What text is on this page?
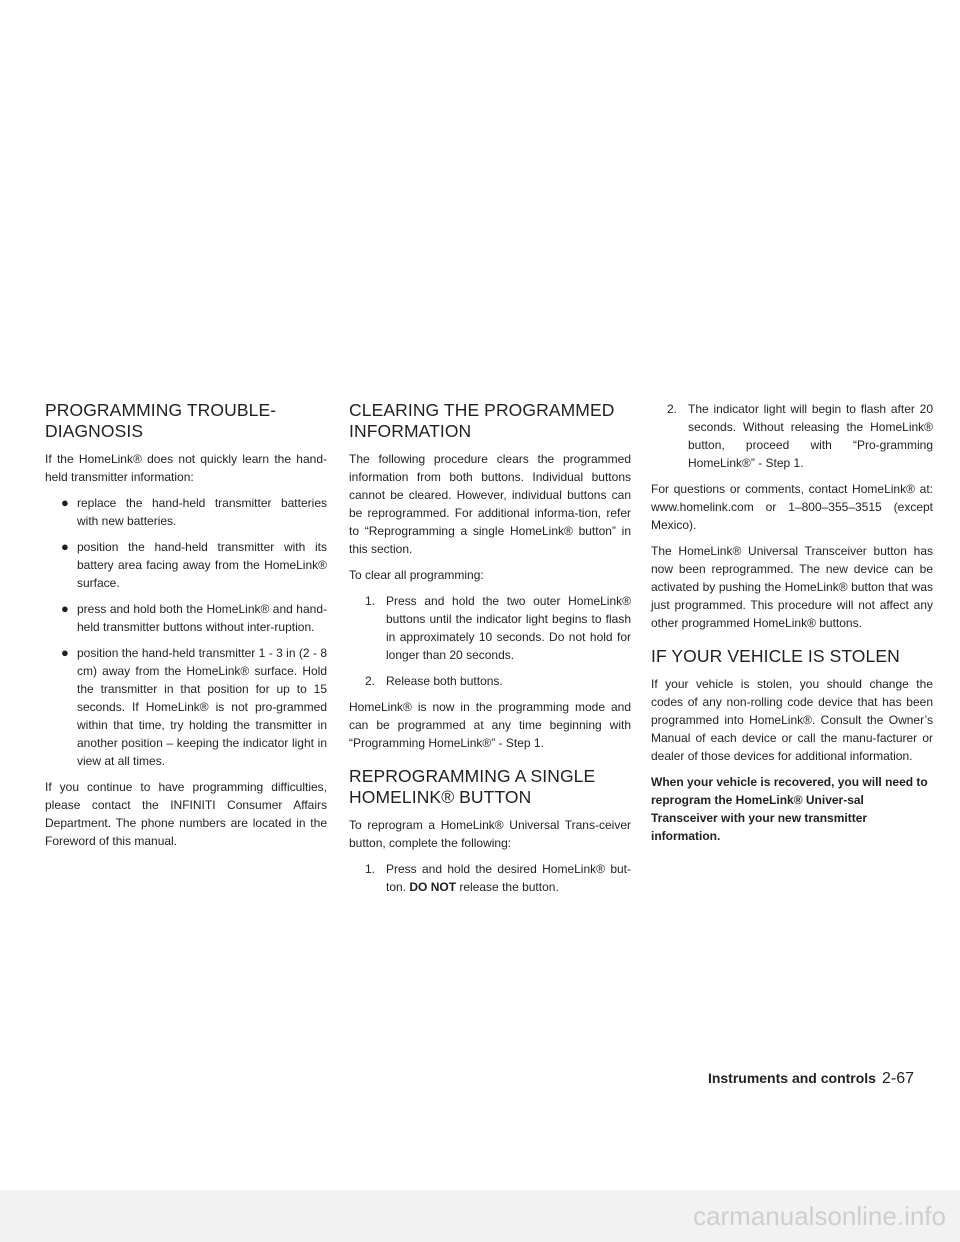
PROGRAMMING TROUBLE-
DIAGNOSIS

If the HomeLink® does not quickly learn the hand-held transmitter information:

● replace the hand-held transmitter batteries with new batteries.
● position the hand-held transmitter with its battery area facing away from the HomeLink® surface.
● press and hold both the HomeLink® and hand-held transmitter buttons without inter-ruption.
● position the hand-held transmitter 1 - 3 in (2 - 8 cm) away from the HomeLink® surface. Hold the transmitter in that position for up to 15 seconds. If HomeLink® is not pro-grammed within that time, try holding the transmitter in another position – keeping the indicator light in view at all times.

If you continue to have programming difficulties, please contact the INFINITI Consumer Affairs Department. The phone numbers are located in the Foreword of this manual.

CLEARING THE PROGRAMMED
INFORMATION

The following procedure clears the programmed information from both buttons. Individual buttons cannot be cleared. However, individual buttons can be reprogrammed. For additional informa-tion, refer to “Reprogramming a single HomeLink® button” in this section.

To clear all programming:

1. Press and hold the two outer HomeLink® buttons until the indicator light begins to flash in approximately 10 seconds. Do not hold for longer than 20 seconds.
2. Release both buttons.

HomeLink® is now in the programming mode and can be programmed at any time beginning with “Programming HomeLink®” - Step 1.

REPROGRAMMING A SINGLE
HOMELINK® BUTTON

To reprogram a HomeLink® Universal Trans-ceiver button, complete the following:

1. Press and hold the desired HomeLink® but-ton. DO NOT release the button.
2. The indicator light will begin to flash after 20 seconds. Without releasing the HomeLink® button, proceed with “Pro-gramming HomeLink®” - Step 1.

For questions or comments, contact HomeLink® at: www.homelink.com or 1–800–355–3515 (except Mexico).

The HomeLink® Universal Transceiver button has now been reprogrammed. The new device can be activated by pushing the HomeLink® button that was just programmed. This procedure will not affect any other programmed HomeLink® buttons.

IF YOUR VEHICLE IS STOLEN

If your vehicle is stolen, you should change the codes of any non-rolling code device that has been programmed into HomeLink®. Consult the Owner’s Manual of each device or call the manu-facturer or dealer of those devices for additional information.

When your vehicle is recovered, you will need to reprogram the HomeLink® Univer-sal Transceiver with your new transmitter information.

Instruments and controls 2-67
carmanualsonline.info
